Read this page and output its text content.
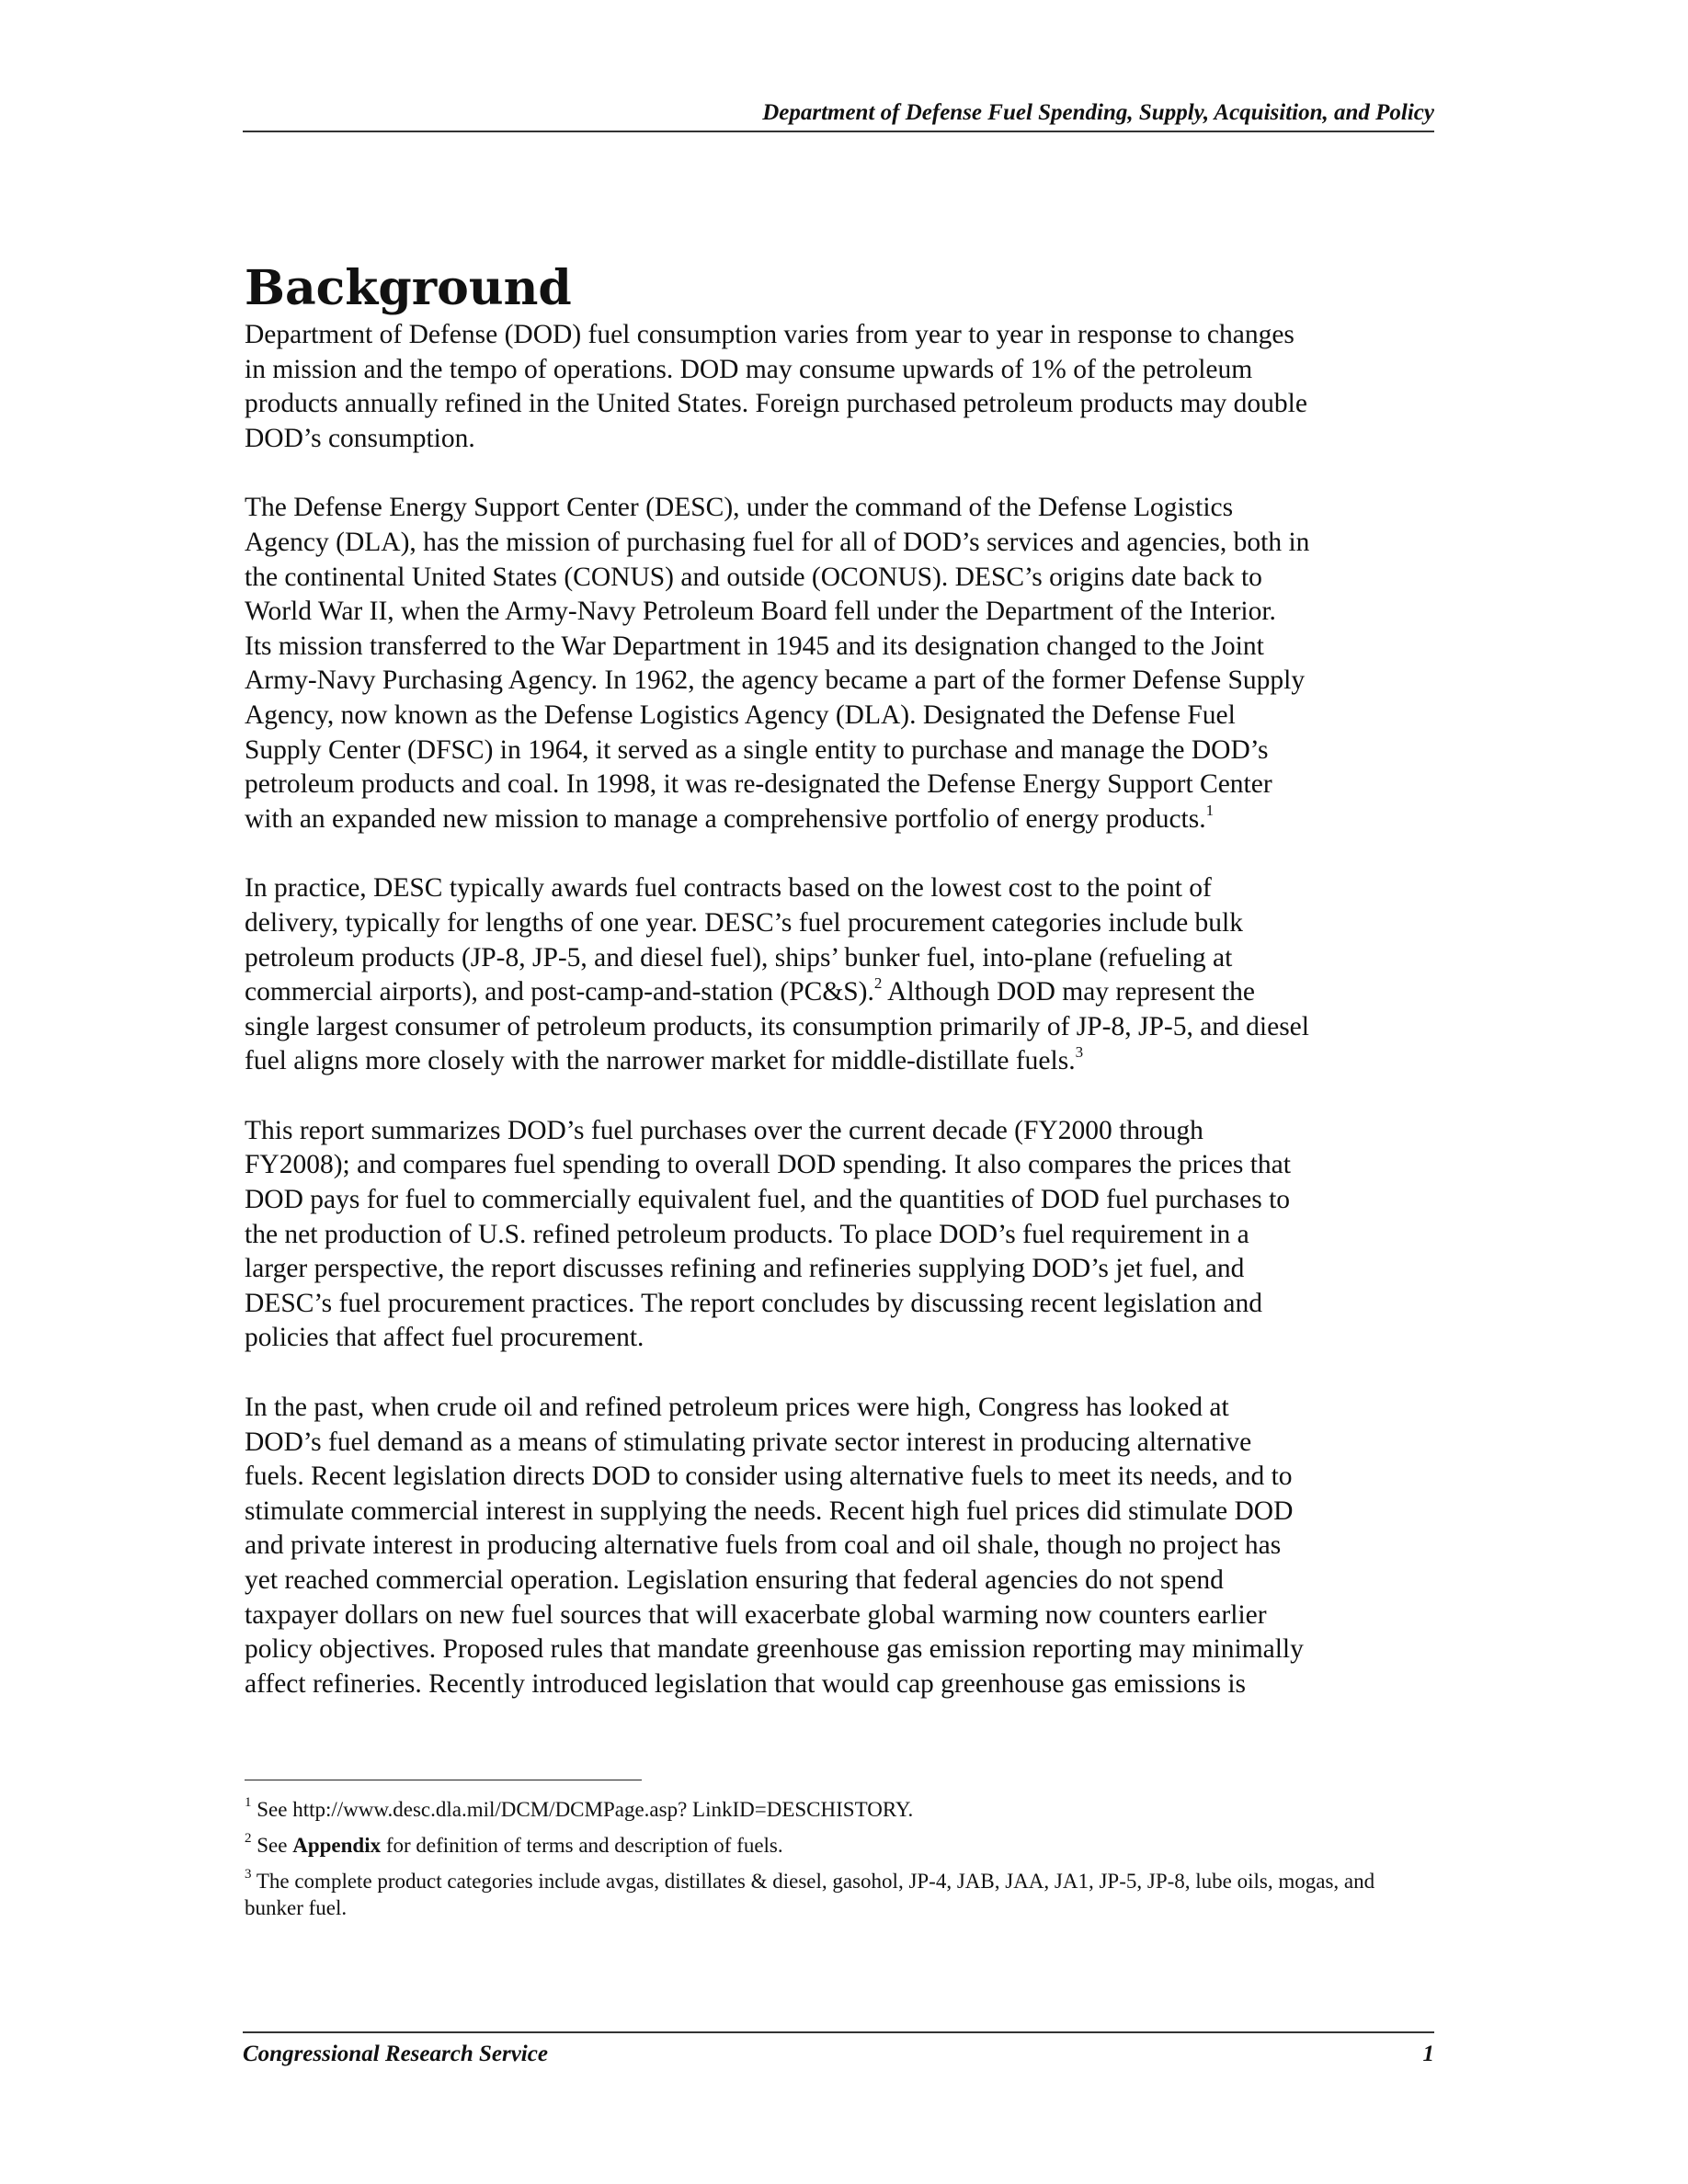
Department of Defense Fuel Spending, Supply, Acquisition, and Policy
Background

Department of Defense (DOD) fuel consumption varies from year to year in response to changes
in mission and the tempo of operations. DOD may consume upwards of 1% of the petroleum
products annually refined in the United States. Foreign purchased petroleum products may double
DOD’s consumption.

The Defense Energy Support Center (DESC), under the command of the Defense Logistics
Agency (DLA), has the mission of purchasing fuel for all of DOD’s services and agencies, both in
the continental United States (CONUS) and outside (OCONUS). DESC’s origins date back to
World War II, when the Army-Navy Petroleum Board fell under the Department of the Interior.
Its mission transferred to the War Department in 1945 and its designation changed to the Joint
Army-Navy Purchasing Agency. In 1962, the agency became a part of the former Defense Supply
Agency, now known as the Defense Logistics Agency (DLA). Designated the Defense Fuel
Supply Center (DFSC) in 1964, it served as a single entity to purchase and manage the DOD’s
petroleum products and coal. In 1998, it was re-designated the Defense Energy Support Center
with an expanded new mission to manage a comprehensive portfolio of energy products.$^1$

In practice, DESC typically awards fuel contracts based on the lowest cost to the point of
delivery, typically for lengths of one year. DESC’s fuel procurement categories include bulk
petroleum products (JP-8, JP-5, and diesel fuel), ships’ bunker fuel, into-plane (refueling at
commercial airports), and post-camp-and-station (PC&S).$^2$ Although DOD may represent the
single largest consumer of petroleum products, its consumption primarily of JP-8, JP-5, and diesel
fuel aligns more closely with the narrower market for middle-distillate fuels.$^3$

This report summarizes DOD’s fuel purchases over the current decade (FY2000 through
FY2008); and compares fuel spending to overall DOD spending. It also compares the prices that
DOD pays for fuel to commercially equivalent fuel, and the quantities of DOD fuel purchases to
the net production of U.S. refined petroleum products. To place DOD’s fuel requirement in a
larger perspective, the report discusses refining and refineries supplying DOD’s jet fuel, and
DESC’s fuel procurement practices. The report concludes by discussing recent legislation and
policies that affect fuel procurement.

In the past, when crude oil and refined petroleum prices were high, Congress has looked at
DOD’s fuel demand as a means of stimulating private sector interest in producing alternative
fuels. Recent legislation directs DOD to consider using alternative fuels to meet its needs, and to
stimulate commercial interest in supplying the needs. Recent high fuel prices did stimulate DOD
and private interest in producing alternative fuels from coal and oil shale, though no project has
yet reached commercial operation. Legislation ensuring that federal agencies do not spend
taxpayer dollars on new fuel sources that will exacerbate global warming now counters earlier
policy objectives. Proposed rules that mandate greenhouse gas emission reporting may minimally
affect refineries. Recently introduced legislation that would cap greenhouse gas emissions is

$^1$ See http://www.desc.dla.mil/DCM/DCMPage.asp? LinkID=DESCHISTORY.
$^2$ See Appendix for definition of terms and description of fuels.
$^3$ The complete product categories include avgas, distillates & diesel, gasohol, JP-4, JAB, JAA, JA1, JP-5, JP-8, lube oils, mogas, and bunker fuel.
Congressional Research Service	1
